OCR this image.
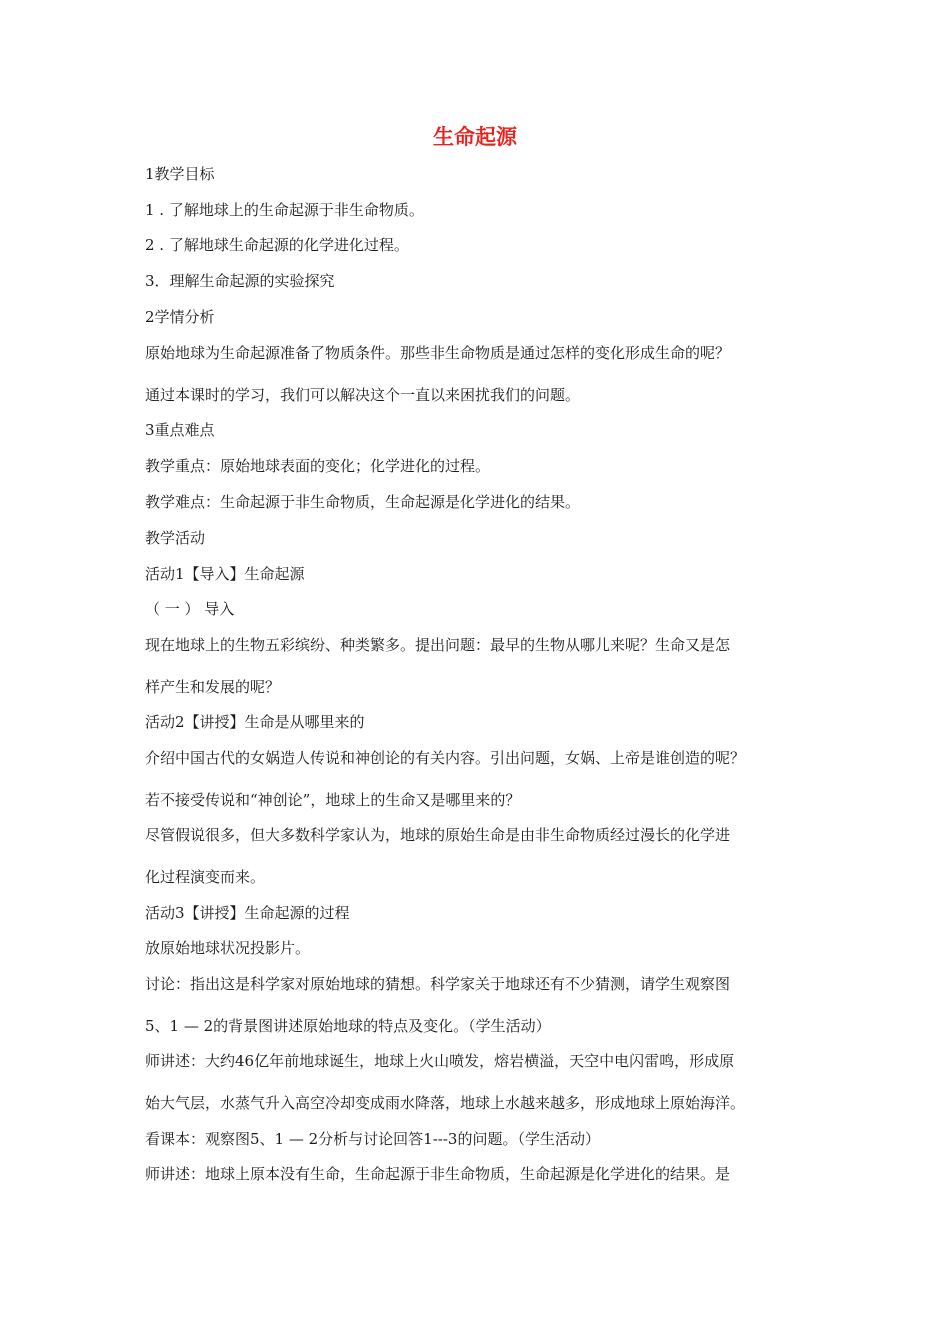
生命起源
1教学目标
1 . 了解地球上的生命起源于非生命物质。
2 . 了解地球生命起源的化学进化过程。
3．理解生命起源的实验探究
2学情分析
原始地球为生命起源准备了物质条件。那些非生命物质是通过怎样的变化形成生命的呢？
通过本课时的学习，我们可以解决这个一直以来困扰我们的问题。
3重点难点
教学重点：原始地球表面的变化；化学进化的过程。
教学难点：生命起源于非生命物质，生命起源是化学进化的结果。
教学活动
活动1【导入】生命起源
（ 一 ） 导入
现在地球上的生物五彩缤纷、种类繁多。提出问题：最早的生物从哪儿来呢？生命又是怎
样产生和发展的呢？
活动2【讲授】生命是从哪里来的
介绍中国古代的女娲造人传说和神创论的有关内容。引出问题，女娲、上帝是谁创造的呢？
若不接受传说和“神创论”，地球上的生命又是哪里来的？
尽管假说很多，但大多数科学家认为，地球的原始生命是由非生命物质经过漫长的化学进
化过程演变而来。
活动3【讲授】生命起源的过程
放原始地球状况投影片。
讨论：指出这是科学家对原始地球的猜想。科学家关于地球还有不少猜测，请学生观察图
5、1 — 2的背景图讲述原始地球的特点及变化。（学生活动）
师讲述：大约46亿年前地球诞生，地球上火山喷发，熔岩横溢，天空中电闪雷鸣，形成原
始大气层，水蒸气升入高空冷却变成雨水降落，地球上水越来越多，形成地球上原始海洋。
看课本：观察图5、1 — 2分析与讨论回答1---3的问题。（学生活动）
师讲述：地球上原本没有生命，生命起源于非生命物质，生命起源是化学进化的结果。是
